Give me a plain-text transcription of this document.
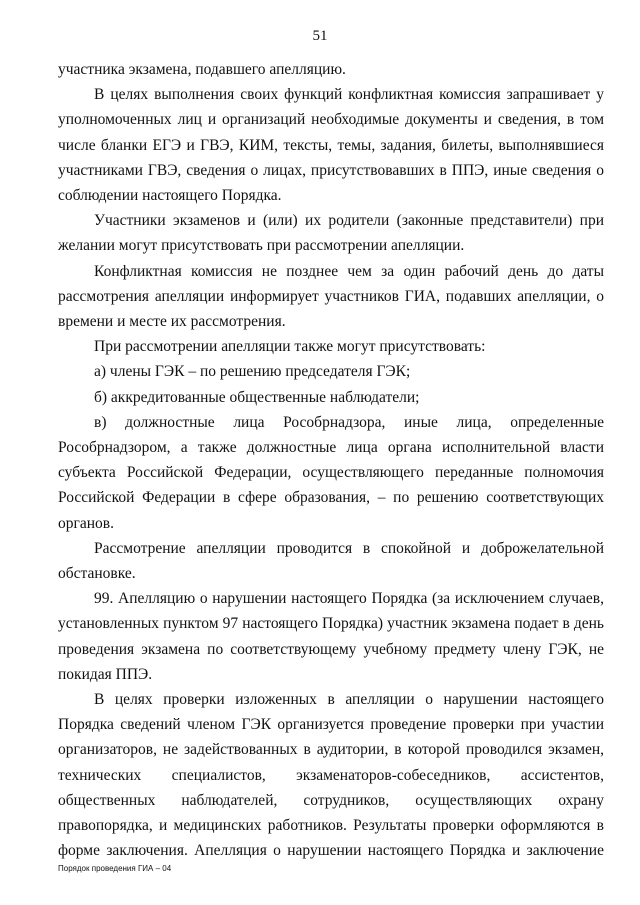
51

участника экзамена, подавшего апелляцию.

В целях выполнения своих функций конфликтная комиссия запрашивает у уполномоченных лиц и организаций необходимые документы и сведения, в том числе бланки ЕГЭ и ГВЭ, КИМ, тексты, темы, задания, билеты, выполнявшиеся участниками ГВЭ, сведения о лицах, присутствовавших в ППЭ, иные сведения о соблюдении настоящего Порядка.

Участники экзаменов и (или) их родители (законные представители) при желании могут присутствовать при рассмотрении апелляции.

Конфликтная комиссия не позднее чем за один рабочий день до даты рассмотрения апелляции информирует участников ГИА, подавших апелляции, о времени и месте их рассмотрения.

При рассмотрении апелляции также могут присутствовать:

а) члены ГЭК – по решению председателя ГЭК;

б) аккредитованные общественные наблюдатели;

в) должностные лица Рособрнадзора, иные лица, определенные Рособрнадзором, а также должностные лица органа исполнительной власти субъекта Российской Федерации, осуществляющего переданные полномочия Российской Федерации в сфере образования, – по решению соответствующих органов.

Рассмотрение апелляции проводится в спокойной и доброжелательной обстановке.

99. Апелляцию о нарушении настоящего Порядка (за исключением случаев, установленных пунктом 97 настоящего Порядка) участник экзамена подает в день проведения экзамена по соответствующему учебному предмету члену ГЭК, не покидая ППЭ.

В целях проверки изложенных в апелляции о нарушении настоящего Порядка сведений членом ГЭК организуется проведение проверки при участии организаторов, не задействованных в аудитории, в которой проводился экзамен, технических специалистов, экзаменаторов-собеседников, ассистентов, общественных наблюдателей, сотрудников, осуществляющих охрану правопорядка, и медицинских работников. Результаты проверки оформляются в форме заключения. Апелляция о нарушении настоящего Порядка и заключение

Порядок проведения ГИА – 04
